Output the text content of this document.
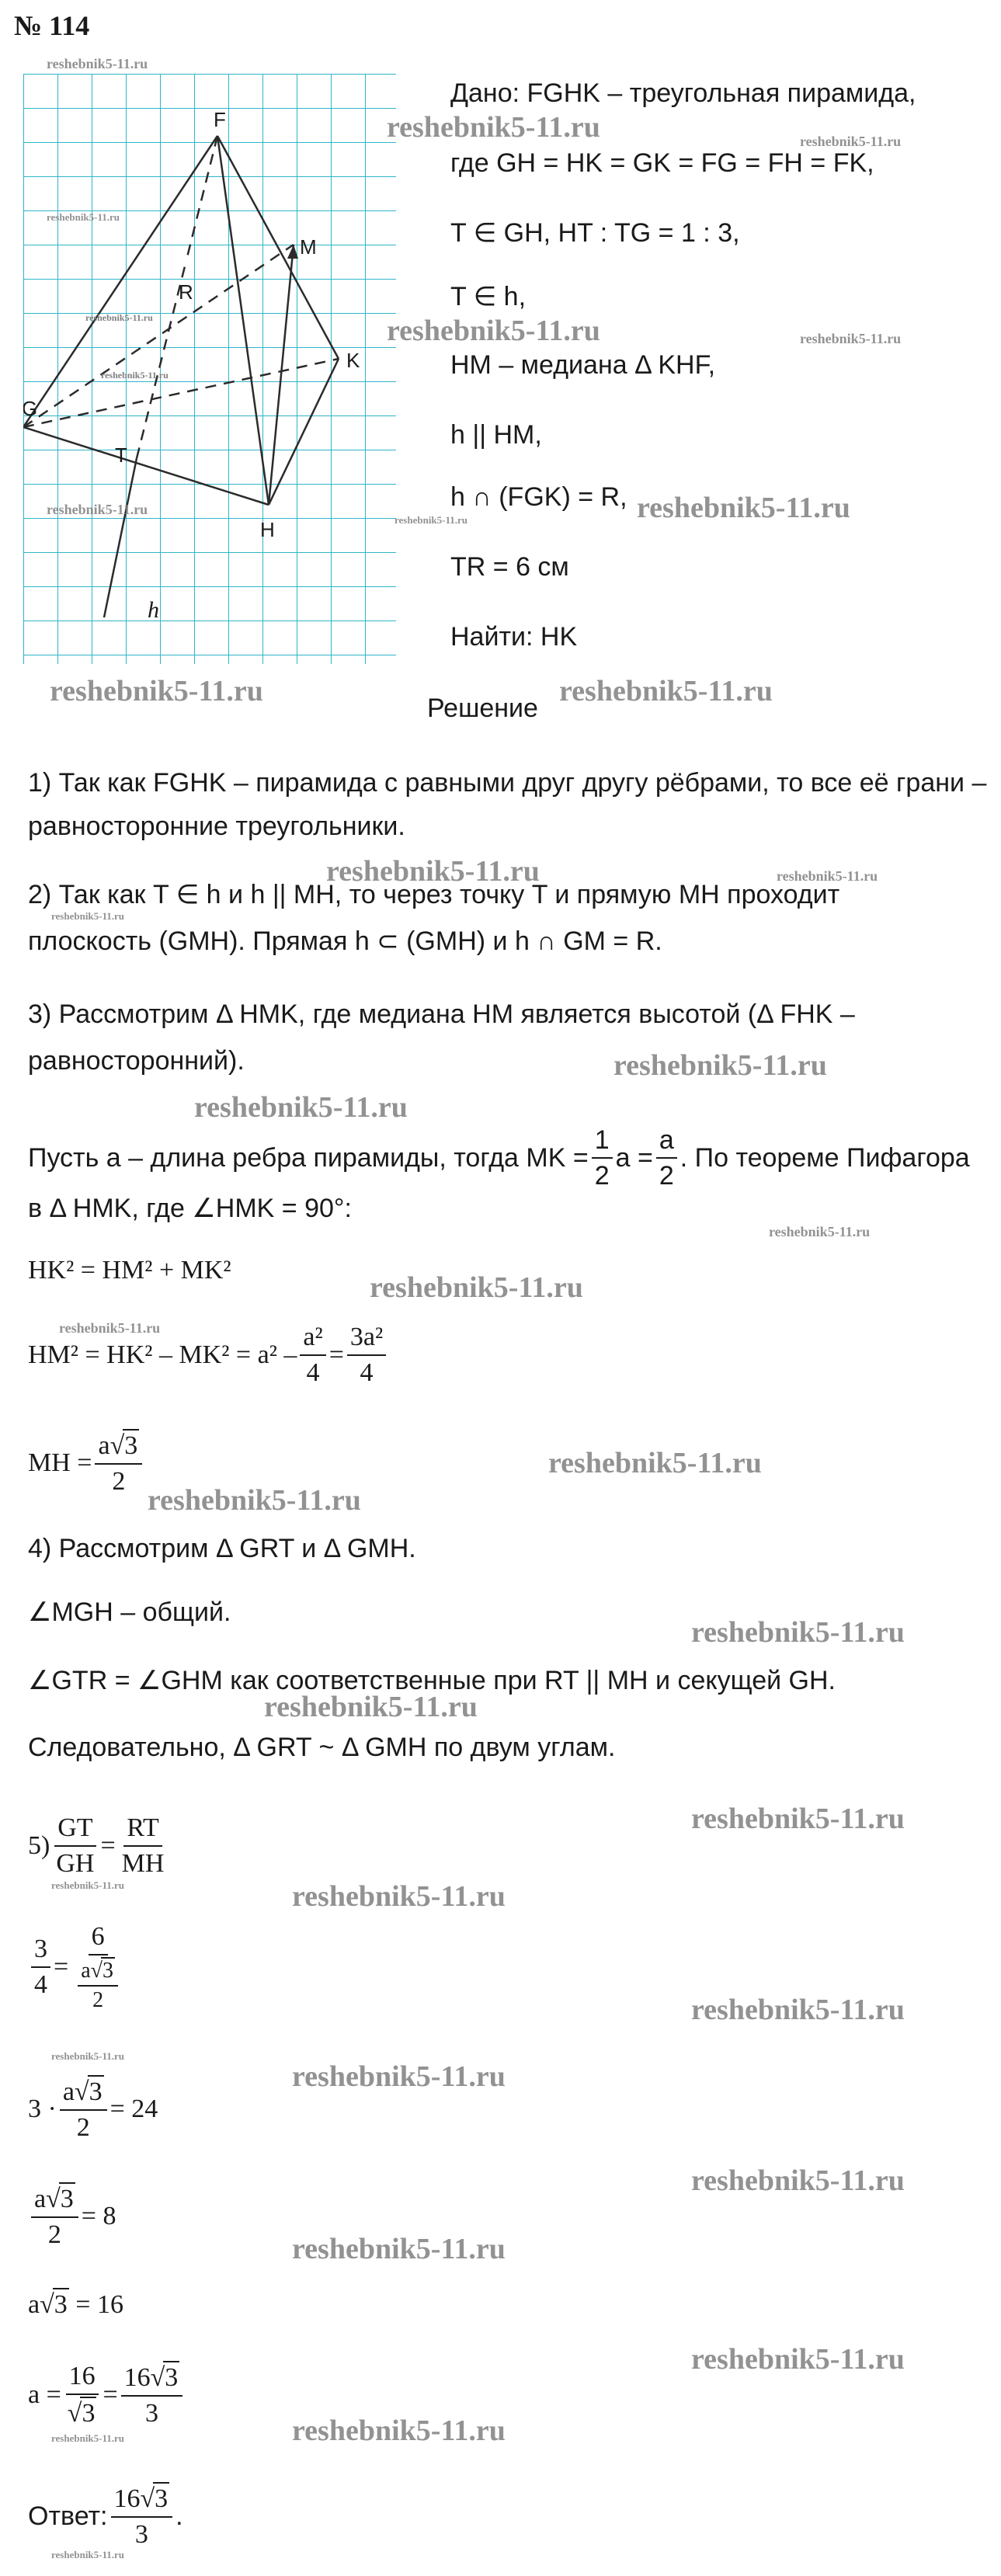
№ 114
reshebnik5-11.ru
reshebnik5-11.ru
F
M
R
K
G
T
H
h
reshebnik5-11.ru
reshebnik5-11.ru	reshebnik5-11.ru
reshebnik5-11.ru
reshebnik5-11.ru	reshebnik5-11.ru
reshebnik5-11.ru
reshebnik5-11.ru	reshebnik5-11.ru
reshebnik5-11.ru	reshebnik5-11.ru
Дано: FGHK – треугольная пирамида,
где GH = HK = GK = FG = FH = FK,
T ∈ GH, HT : TG = 1 : 3,
T ∈ h,
HM – медиана Δ KHF,
h || HM,
h ∩ (FGK) = R,
TR = 6 см
Найти: HK
Решение
1) Так как FGHK – пирамида с равными друг другу рёбрами, то все её грани –
равносторонние треугольники.
reshebnik5-11.ru	reshebnik5-11.ru
2) Так как T ∈ h и h || MH, то через точку T и прямую MH проходит
reshebnik5-11.ru
плоскость (GMH). Прямая h ⊂ (GMH) и h ∩ GM = R.
3) Рассмотрим Δ HMK, где медиана HM является высотой (Δ FHK –
равносторонний).	reshebnik5-11.ru
reshebnik5-11.ru
Пусть a – длина ребра пирамиды, тогда MK = $\frac{1}{2}$ $a = \frac{a}{2}$ . По теореме Пифагора
в Δ HMK, где ∠HMK = 90°:
reshebnik5-11.ru
HK² = HM² + MK²
reshebnik5-11.ru
reshebnik5-11.ru
$HM^2 = HK^2 - MK^2 = a^2 - \frac{\text{a²}}{4} = \frac{\text{3a²}}{4}$
MH = $\frac{a√3}{2}$	reshebnik5-11.ru
reshebnik5-11.ru
4) Рассмотрим Δ GRT и Δ GMH.
∠MGH – общий.
reshebnik5-11.ru
∠GTR = ∠GHM как соответственные при RT || MH и секущей GH.
reshebnik5-11.ru
Следовательно, Δ GRT ~ Δ GMH по двум углам.
$5) \frac{GT}{GH} = \frac{RT}{MH}$	reshebnik5-11.ru
reshebnik5-11.ru	reshebnik5-11.ru
$\frac{3}{4} = \frac{6}{\frac{a√3}{2}}$
reshebnik5-11.ru
reshebnik5-11.ru
reshebnik5-11.ru
$3 \cdot \frac{a√3}{2} = 24$
reshebnik5-11.ru
$\frac{a√3}{2} = 8$
reshebnik5-11.ru
a√3 = 16
reshebnik5-11.ru
$a = \frac{16}{√3} = \frac{16√3}{3}$
reshebnik5-11.ru	reshebnik5-11.ru
Ответ: $\frac{16√3}{3}$ .
reshebnik5-11.ru
